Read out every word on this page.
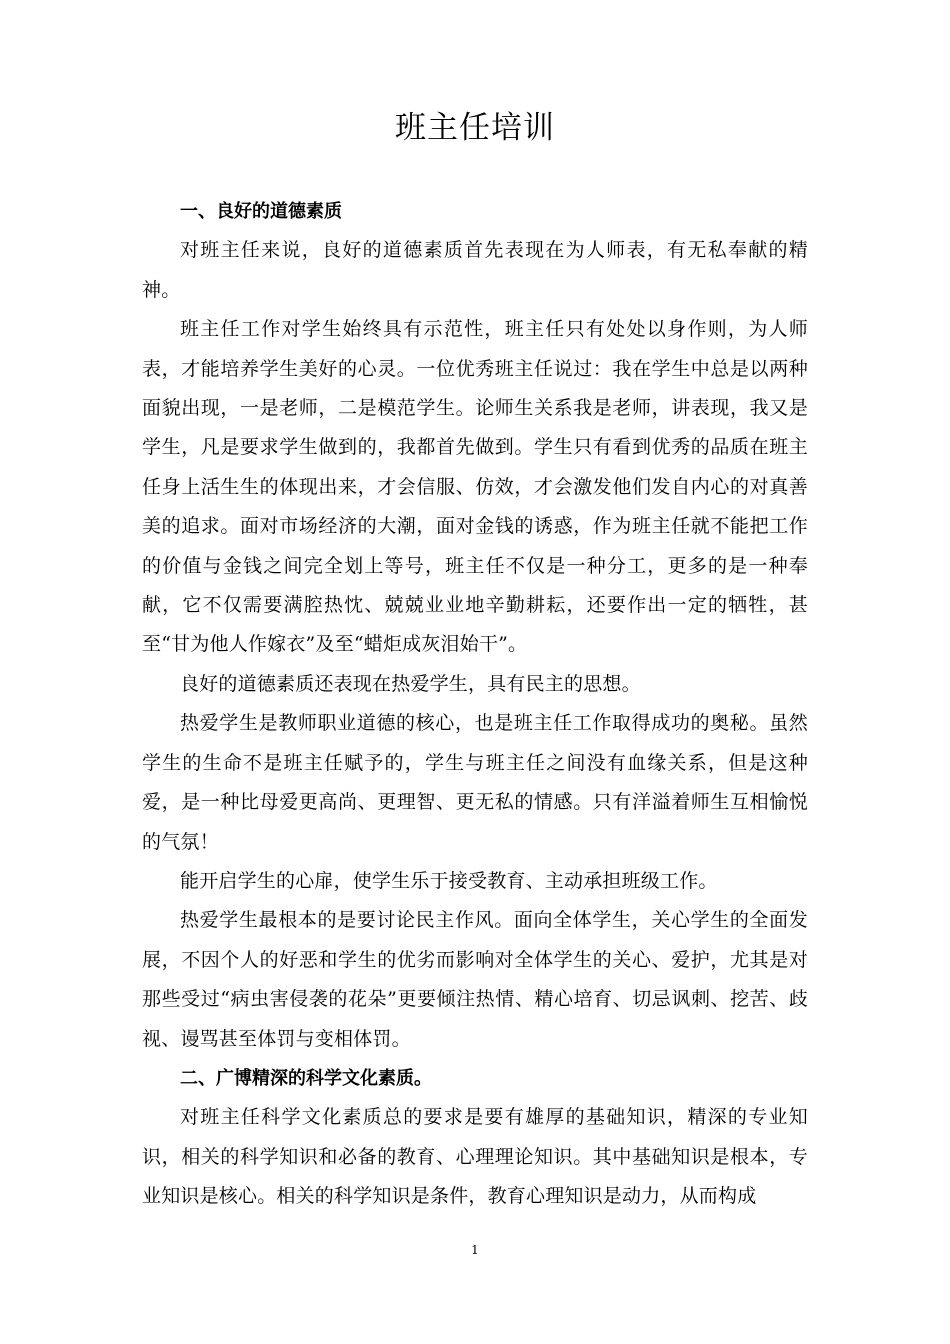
班主任培训

一、良好的道德素质

对班主任来说，良好的道德素质首先表现在为人师表，有无私奉献的精神。

班主任工作对学生始终具有示范性，班主任只有处处以身作则，为人师表，才能培养学生美好的心灵。一位优秀班主任说过：我在学生中总是以两种面貌出现，一是老师，二是模范学生。论师生关系我是老师，讲表现，我又是学生，凡是要求学生做到的，我都首先做到。学生只有看到优秀的品质在班主任身上活生生的体现出来，才会信服、仿效，才会激发他们发自内心的对真善美的追求。面对市场经济的大潮，面对金钱的诱惑，作为班主任就不能把工作的价值与金钱之间完全划上等号，班主任不仅是一种分工，更多的是一种奉献，它不仅需要满腔热忱、兢兢业业地辛勤耕耘，还要作出一定的牺牲，甚至“甘为他人作嫁衣”及至“蜡炬成灰泪始干”。

良好的道德素质还表现在热爱学生，具有民主的思想。

热爱学生是教师职业道德的核心，也是班主任工作取得成功的奥秘。虽然学生的生命不是班主任赋予的，学生与班主任之间没有血缘关系，但是这种爱，是一种比母爱更高尚、更理智、更无私的情感。只有洋溢着师生互相愉悦的气氛！

能开启学生的心扉，使学生乐于接受教育、主动承担班级工作。

热爱学生最根本的是要讨论民主作风。面向全体学生，关心学生的全面发展，不因个人的好恶和学生的优劣而影响对全体学生的关心、爱护，尤其是对那些受过“病虫害侵袭的花朵”更要倾注热情、精心培育、切忌讽刺、挖苦、歧视、谩骂甚至体罚与变相体罚。

二、广博精深的科学文化素质。

对班主任科学文化素质总的要求是要有雄厚的基础知识，精深的专业知识，相关的科学知识和必备的教育、心理理论知识。其中基础知识是根本，专业知识是核心。相关的科学知识是条件，教育心理知识是动力，从而构成

1
